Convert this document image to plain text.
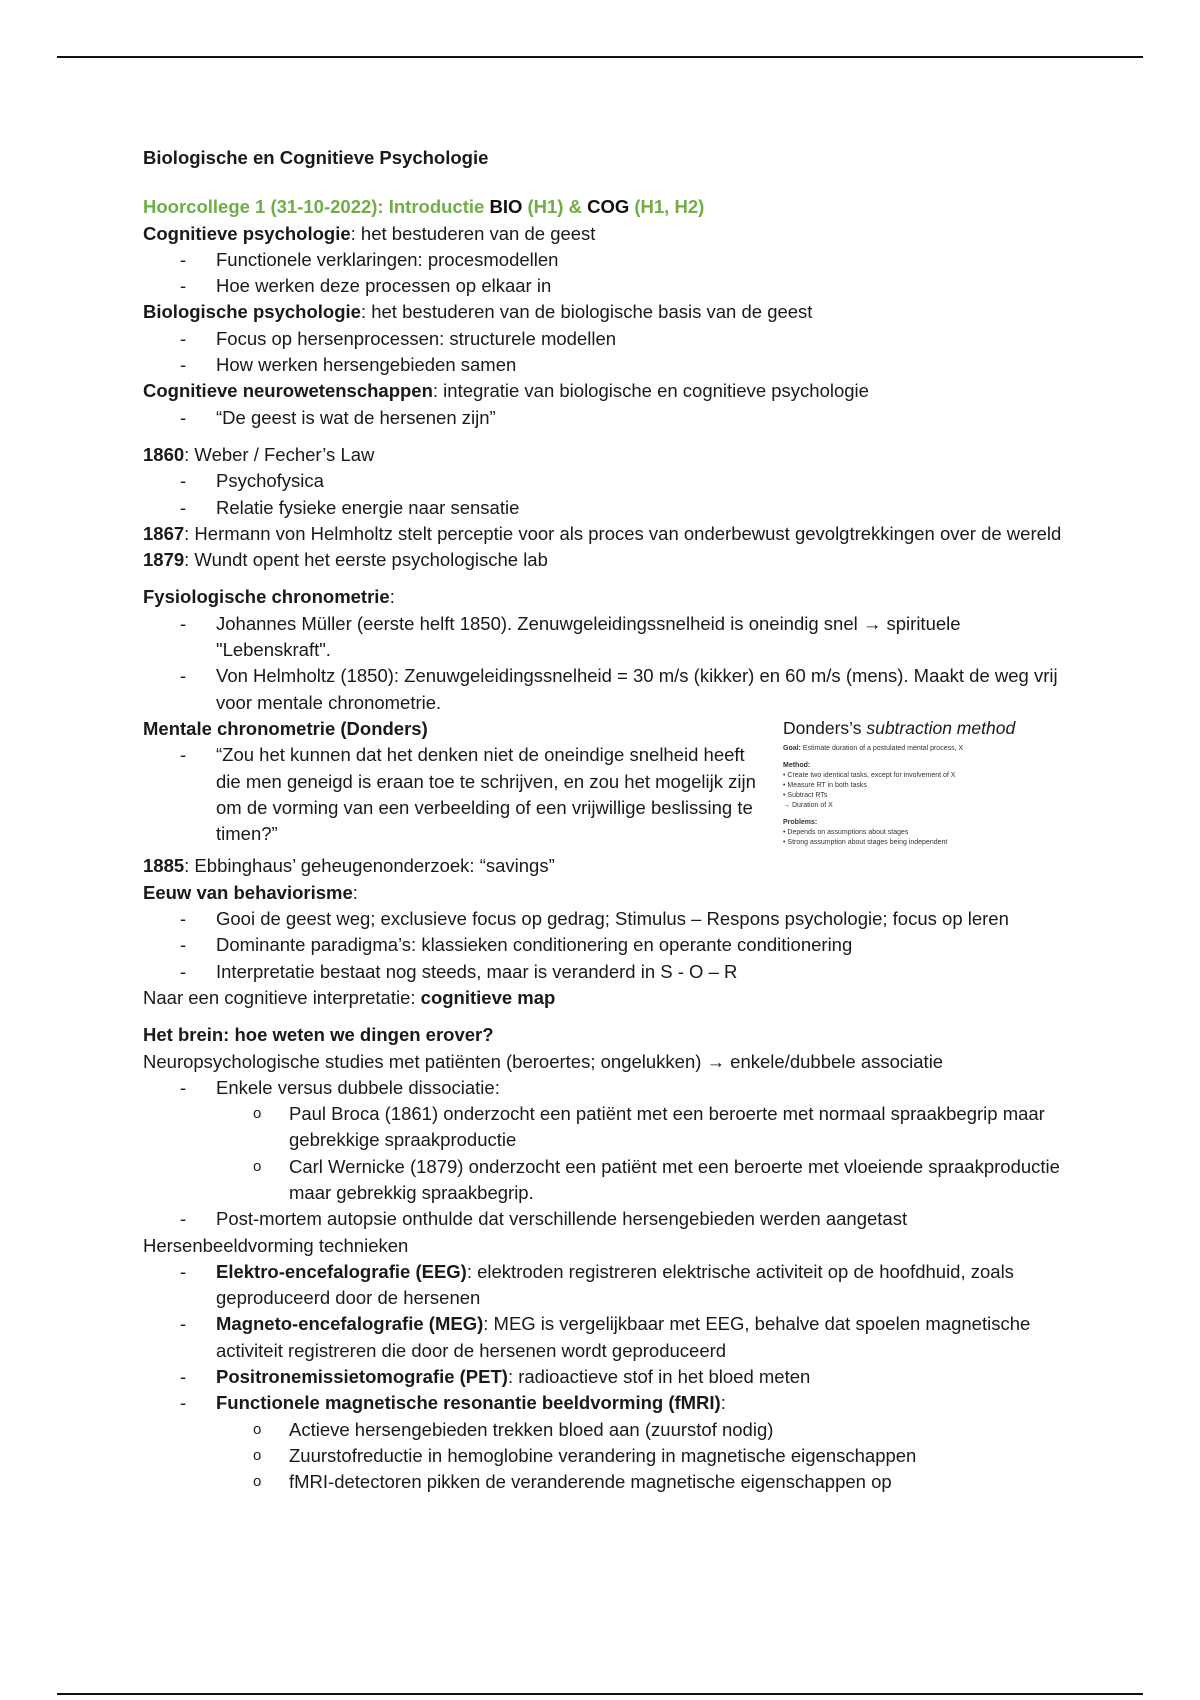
Biologische en Cognitieve Psychologie

Hoorcollege 1 (31-10-2022): Introductie BIO (H1) & COG (H1, H2)

Cognitieve psychologie: het bestuderen van de geest

- Functionele verklaringen: procesmodellen

- Hoe werken deze processen op elkaar in

Biologische psychologie: het bestuderen van de biologische basis van de geest

- Focus op hersenprocessen: structurele modellen

- How werken hersengebieden samen

Cognitieve neurowetenschappen: integratie van biologische en cognitieve psychologie

- “De geest is wat de hersenen zijn”

1860: Weber / Fecher’s Law

- Psychofysica

- Relatie fysieke energie naar sensatie

1867: Hermann von Helmholtz stelt perceptie voor als proces van onderbewust gevolgtrekkingen over de wereld

1879: Wundt opent het eerste psychologische lab

Fysiologische chronometrie:

- Johannes Müller (eerste helft 1850). Zenuwgeleidingssnelheid is oneindig snel → spirituele "Lebenskraft".

- Von Helmholtz (1850): Zenuwgeleidingssnelheid = 30 m/s (kikker) en 60 m/s (mens). Maakt de weg vrij voor mentale chronometrie.

Mentale chronometrie (Donders)

- “Zou het kunnen dat het denken niet de oneindige snelheid heeft die men geneigd is eraan toe te schrijven, en zou het mogelijk zijn om de vorming van een verbeelding of een vrijwillige beslissing te timen?”

Donders’s subtraction method
Goal: Estimate duration of a postulated mental process, X
Method:
• Create two identical tasks, except for involvement of X
• Measure RT in both tasks
• Subtract RTs
→ Duration of X
Problems:
• Depends on assumptions about stages
• Strong assumption about stages being independent

1885: Ebbinghaus’ geheugenonderzoek: “savings”

Eeuw van behaviorisme:

- Gooi de geest weg; exclusieve focus op gedrag; Stimulus – Respons psychologie; focus op leren

- Dominante paradigma’s: klassieken conditionering en operante conditionering

- Interpretatie bestaat nog steeds, maar is veranderd in S - O – R

Naar een cognitieve interpretatie: cognitieve map

Het brein: hoe weten we dingen erover?

Neuropsychologische studies met patiënten (beroertes; ongelukken) → enkele/dubbele associatie

- Enkele versus dubbele dissociatie:

o Paul Broca (1861) onderzocht een patiënt met een beroerte met normaal spraakbegrip maar gebrekkige spraakproductie

o Carl Wernicke (1879) onderzocht een patiënt met een beroerte met vloeiende spraakproductie maar gebrekkig spraakbegrip.

- Post-mortem autopsie onthulde dat verschillende hersengebieden werden aangetast

Hersenbeeldvorming technieken

- Elektro-encefalografie (EEG): elektroden registreren elektrische activiteit op de hoofdhuid, zoals geproduceerd door de hersenen

- Magneto-encefalografie (MEG): MEG is vergelijkbaar met EEG, behalve dat spoelen magnetische activiteit registreren die door de hersenen wordt geproduceerd

- Positronemissietomografie (PET): radioactieve stof in het bloed meten

- Functionele magnetische resonantie beeldvorming (fMRI):

o Actieve hersengebieden trekken bloed aan (zuurstof nodig)

o Zuurstofreductie in hemoglobine verandering in magnetische eigenschappen

o fMRI-detectoren pikken de veranderende magnetische eigenschappen op
